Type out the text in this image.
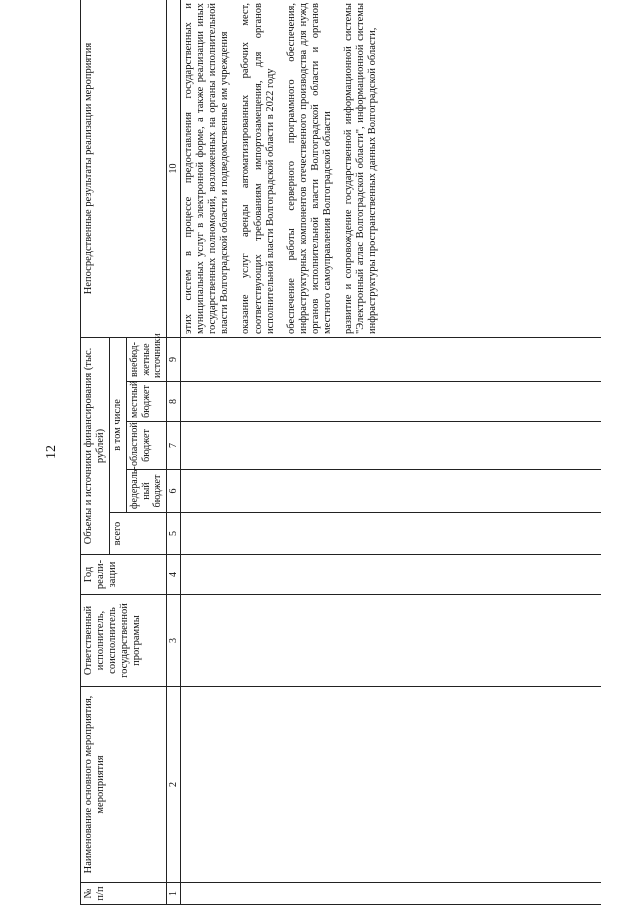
12
№ п/п	Наименование основного мероприятия, мероприятия	Ответственный исполнитель, соисполнитель государственной программы	Год реали-зации	Объемы и источники финансирования (тыс. рублей)					Непосредственные результаты реализации мероприятия
				всего	в том числе				
					федераль-ный бюджет	областной бюджет	местный бюджет	внебюд-жетные источники	
1	2	3	4	5	6	7	8	9	10

									этих систем в процессе предоставления государственных и муниципальных услуг в электронной форме, а также реализации иных государственных полномочий, возложенных на органы исполнительной власти Волгоградской области и подведомственные им учреждения оказание услуг аренды автоматизированных рабочих мест, соответствующих требованиям импортозамещения, для органов исполнительной власти Волгоградской области в 2022 году обеспечение работы серверного программного обеспечения, инфраструктурных компонентов отечественного производства для нужд органов исполнительной власти Волгоградской области и органов местного самоуправления Волгоградской области развитие и сопровождение государственной информационной системы "Электронный атлас Волгоградской области", информационной системы инфраструктуры пространственных данных Волгоградской области,
